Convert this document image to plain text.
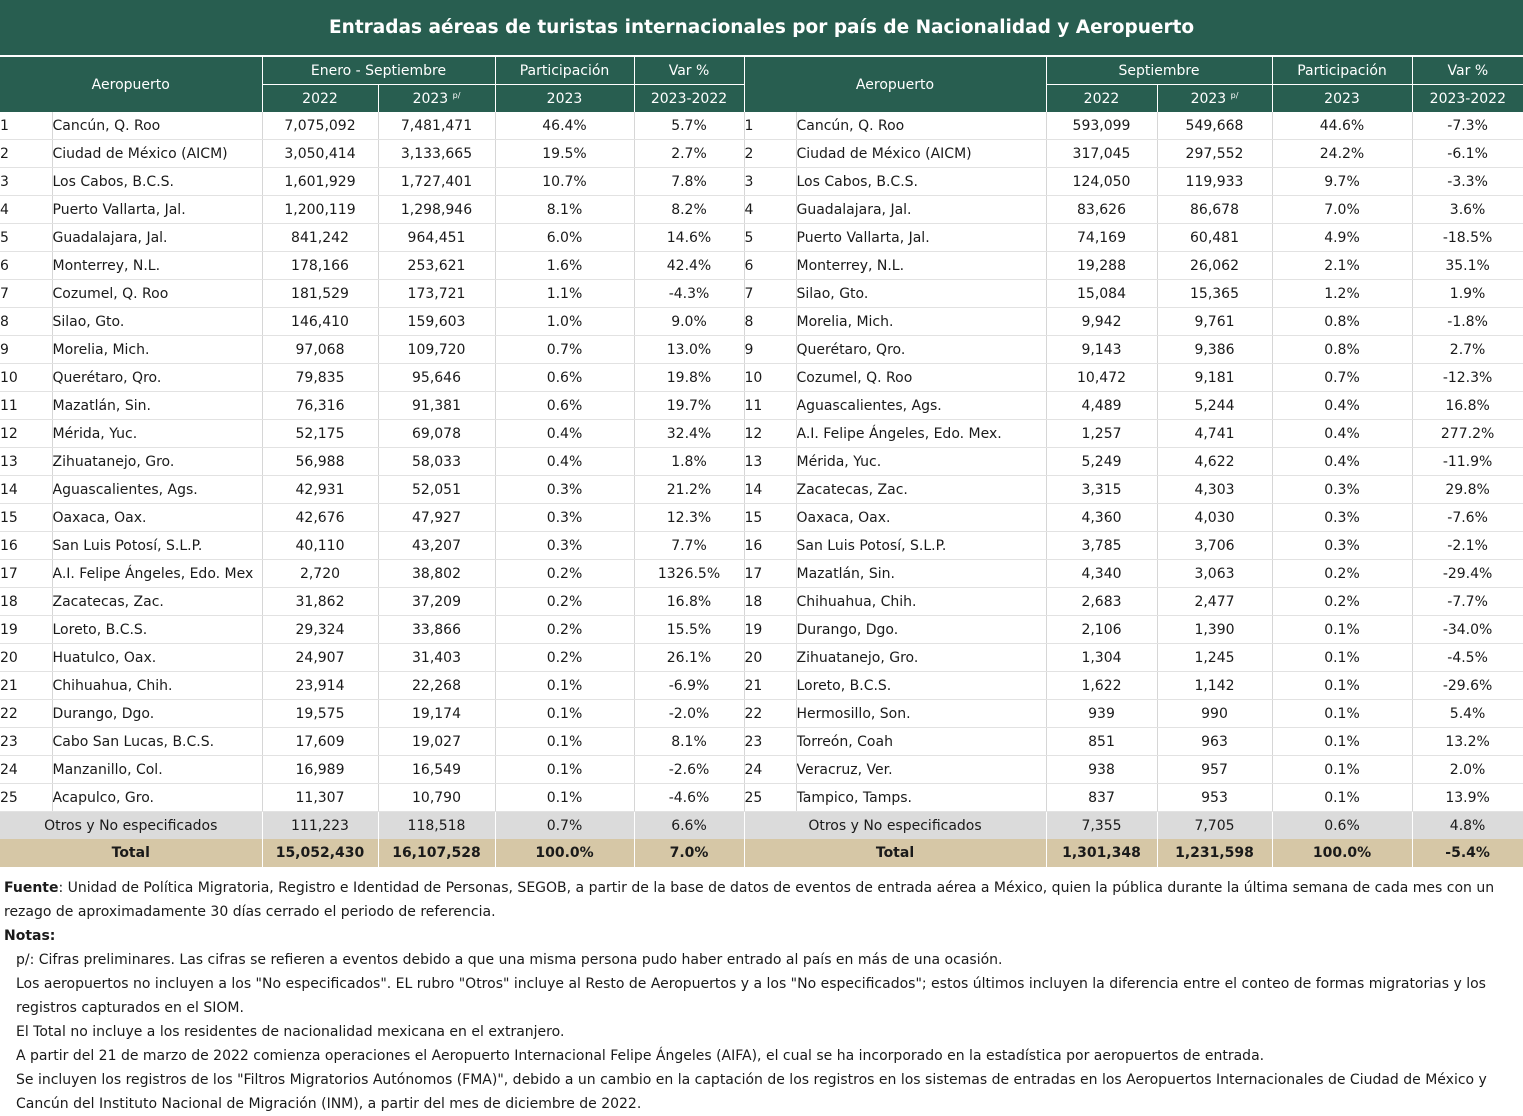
Entradas aéreas de turistas internacionales por país de Nacionalidad y Aeropuerto											
Aeropuerto		Enero - Septiembre		Participación	Var %	Aeropuerto		Septiembre		Participación	Var %
		2022	2023 $^{p/}$	2023	2023-2022			2022	2023 $^{p/}$	2023	2023-2022
1	Cancún, Q. Roo	7,075,092	7,481,471	46.4%	5.7%	1	Cancún, Q. Roo	593,099	549,668	44.6%	-7.3%
2	Ciudad de México (AICM)	3,050,414	3,133,665	19.5%	2.7%	2	Ciudad de México (AICM)	317,045	297,552	24.2%	-6.1%
3	Los Cabos, B.C.S.	1,601,929	1,727,401	10.7%	7.8%	3	Los Cabos, B.C.S.	124,050	119,933	9.7%	-3.3%
4	Puerto Vallarta, Jal.	1,200,119	1,298,946	8.1%	8.2%	4	Guadalajara, Jal.	83,626	86,678	7.0%	3.6%
5	Guadalajara, Jal.	841,242	964,451	6.0%	14.6%	5	Puerto Vallarta, Jal.	74,169	60,481	4.9%	-18.5%
6	Monterrey, N.L.	178,166	253,621	1.6%	42.4%	6	Monterrey, N.L.	19,288	26,062	2.1%	35.1%
7	Cozumel, Q. Roo	181,529	173,721	1.1%	-4.3%	7	Silao, Gto.	15,084	15,365	1.2%	1.9%
8	Silao, Gto.	146,410	159,603	1.0%	9.0%	8	Morelia, Mich.	9,942	9,761	0.8%	-1.8%
9	Morelia, Mich.	97,068	109,720	0.7%	13.0%	9	Querétaro, Qro.	9,143	9,386	0.8%	2.7%
10	Querétaro, Qro.	79,835	95,646	0.6%	19.8%	10	Cozumel, Q. Roo	10,472	9,181	0.7%	-12.3%
11	Mazatlán, Sin.	76,316	91,381	0.6%	19.7%	11	Aguascalientes, Ags.	4,489	5,244	0.4%	16.8%
12	Mérida, Yuc.	52,175	69,078	0.4%	32.4%	12	A.I. Felipe Ángeles, Edo. Mex.	1,257	4,741	0.4%	277.2%
13	Zihuatanejo, Gro.	56,988	58,033	0.4%	1.8%	13	Mérida, Yuc.	5,249	4,622	0.4%	-11.9%
14	Aguascalientes, Ags.	42,931	52,051	0.3%	21.2%	14	Zacatecas, Zac.	3,315	4,303	0.3%	29.8%
15	Oaxaca, Oax.	42,676	47,927	0.3%	12.3%	15	Oaxaca, Oax.	4,360	4,030	0.3%	-7.6%
16	San Luis Potosí, S.L.P.	40,110	43,207	0.3%	7.7%	16	San Luis Potosí, S.L.P.	3,785	3,706	0.3%	-2.1%
17	A.I. Felipe Ángeles, Edo. Mex	2,720	38,802	0.2%	1326.5%	17	Mazatlán, Sin.	4,340	3,063	0.2%	-29.4%
18	Zacatecas, Zac.	31,862	37,209	0.2%	16.8%	18	Chihuahua, Chih.	2,683	2,477	0.2%	-7.7%
19	Loreto, B.C.S.	29,324	33,866	0.2%	15.5%	19	Durango, Dgo.	2,106	1,390	0.1%	-34.0%
20	Huatulco, Oax.	24,907	31,403	0.2%	26.1%	20	Zihuatanejo, Gro.	1,304	1,245	0.1%	-4.5%
21	Chihuahua, Chih.	23,914	22,268	0.1%	-6.9%	21	Loreto, B.C.S.	1,622	1,142	0.1%	-29.6%
22	Durango, Dgo.	19,575	19,174	0.1%	-2.0%	22	Hermosillo, Son.	939	990	0.1%	5.4%
23	Cabo San Lucas, B.C.S.	17,609	19,027	0.1%	8.1%	23	Torreón, Coah	851	963	0.1%	13.2%
24	Manzanillo, Col.	16,989	16,549	0.1%	-2.6%	24	Veracruz, Ver.	938	957	0.1%	2.0%
25	Acapulco, Gro.	11,307	10,790	0.1%	-4.6%	25	Tampico, Tamps.	837	953	0.1%	13.9%
Otros y No especificados		111,223	118,518	0.7%	6.6%	Otros y No especificados		7,355	7,705	0.6%	4.8%
Total		15,052,430	16,107,528	100.0%	7.0%	Total		1,301,348	1,231,598	100.0%	-5.4%

Fuente: Unidad de Política Migratoria, Registro e Identidad de Personas, SEGOB, a partir de la base de datos de eventos de entrada aérea a México, quien la pública durante la última semana de cada mes con un rezago de aproximadamente 30 días cerrado el periodo de referencia.

Notas:

p/: Cifras preliminares. Las cifras se refieren a eventos debido a que una misma persona pudo haber entrado al país en más de una ocasión.

Los aeropuertos no incluyen a los "No especificados". EL rubro "Otros" incluye al Resto de Aeropuertos y a los "No especificados"; estos últimos incluyen la diferencia entre el conteo de formas migratorias y los registros capturados en el SIOM.

El Total no incluye a los residentes de nacionalidad mexicana en el extranjero.

A partir del 21 de marzo de 2022 comienza operaciones el Aeropuerto Internacional Felipe Ángeles (AIFA), el cual se ha incorporado en la estadística por aeropuertos de entrada.

Se incluyen los registros de los "Filtros Migratorios Autónomos (FMA)", debido a un cambio en la captación de los registros en los sistemas de entradas en los Aeropuertos Internacionales de Ciudad de México y Cancún del Instituto Nacional de Migración (INM), a partir del mes de diciembre de 2022.
